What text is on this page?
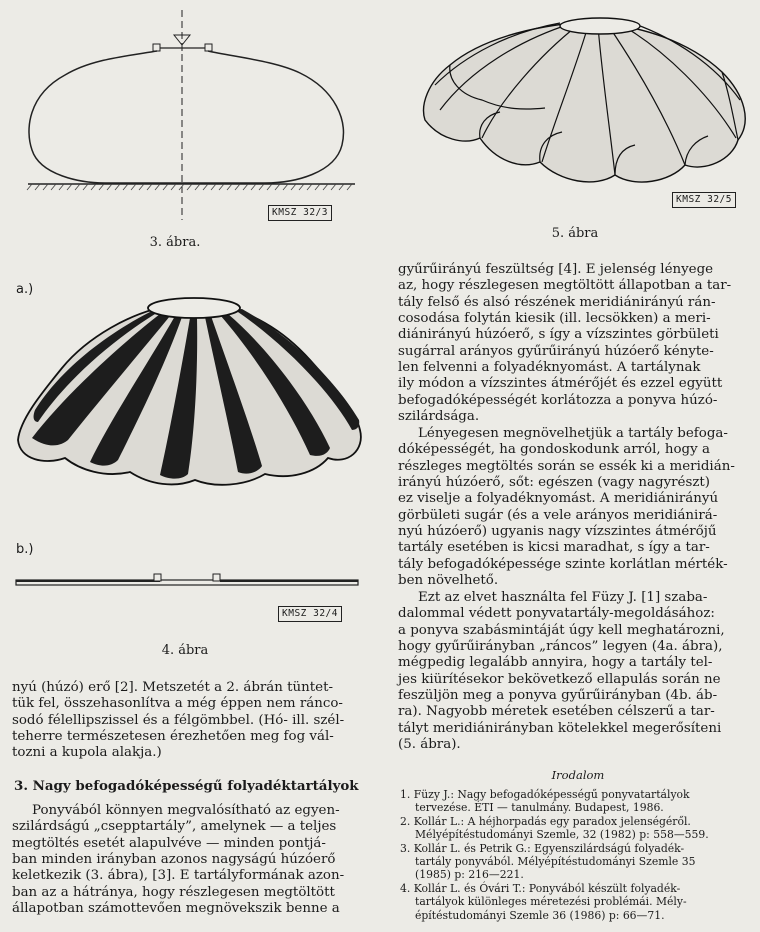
KMSZ 32/3
3. ábra.
a.)
b.)
KMSZ 32/4
4. ábra
KMSZ 32/5
5. ábra
nyú (húzó) erő [2]. Metszetét a 2. ábrán tüntet-
tük fel, összehasonlítva a még éppen nem ránco-
sodó félellipszissel és a félgömbbel. (Hó- ill. szél-
teherre természetesen érezhetően meg fog vál-
tozni a kupola alakja.)
3. Nagy befogadóképességű folyadéktartályok
Ponyvából könnyen megvalósítható az egyen-
szilárdságú „csepptartály”, amelynek — a teljes
megtöltés esetét alapulvéve — minden pontjá-
ban minden irányban azonos nagyságú húzóerő
keletkezik (3. ábra), [3]. E tartályformának azon-
ban az a hátránya, hogy részlegesen megtöltött
állapotban számottevően megnövekszik benne a
gyűrűirányú feszültség [4]. E jelenség lényege
az, hogy részlegesen megtöltött állapotban a tar-
tály felső és alsó részének meridiánirányú rán-
cosodása folytán kiesik (ill. lecsökken) a meri-
diánirányú húzóerő, s így a vízszintes görbületi
sugárral arányos gyűrűirányú húzóerő kényte-
len felvenni a folyadéknyomást. A tartálynak
ily módon a vízszintes átmérőjét és ezzel együtt
befogadóképességét korlátozza a ponyva húzó-
szilárdsága.
Lényegesen megnövelhetjük a tartály befoga-
dóképességét, ha gondoskodunk arról, hogy a
részleges megtöltés során se essék ki a meridián-
irányú húzóerő, sőt: egészen (vagy nagyrészt)
ez viselje a folyadéknyomást. A meridiánirányú
görbületi sugár (és a vele arányos meridiánirá-
nyú húzóerő) ugyanis nagy vízszintes átmérőjű
tartály esetében is kicsi maradhat, s így a tar-
tály befogadóképessége szinte korlátlan mérték-
ben növelhető.
Ezt az elvet használta fel Füzy J. [1] szaba-
dalommal védett ponyvatartály-megoldásához:
a ponyva szabásmintáját úgy kell meghatározni,
hogy gyűrűirányban „ráncos” legyen (4a. ábra),
mégpedig legalább annyira, hogy a tartály tel-
jes kiürítésekor bekövetkező ellapulás során ne
feszüljön meg a ponyva gyűrűirányban (4b. áb-
ra). Nagyobb méretek esetében célszerű a tar-
tályt meridiánirányban kötelekkel megerősíteni
(5. ábra).
Irodalom
1. Füzy J.: Nagy befogadóképességű ponyvatartályok
tervezése. ÉTI — tanulmány. Budapest, 1986.
2. Kollár L.: A héjhorpadás egy paradox jelenségéről.
Mélyépítéstudományi Szemle, 32 (1982) p: 558—559.
3. Kollár L. és Petrik G.: Egyenszilárdságú folyadék-
tartály ponyvából. Mélyépítéstudományi Szemle 35
(1985) p: 216—221.
4. Kollár L. és Óvári T.: Ponyvából készült folyadék-
tartályok különleges méretezési problémái. Mély-
építéstudományi Szemle 36 (1986) p: 66—71.
